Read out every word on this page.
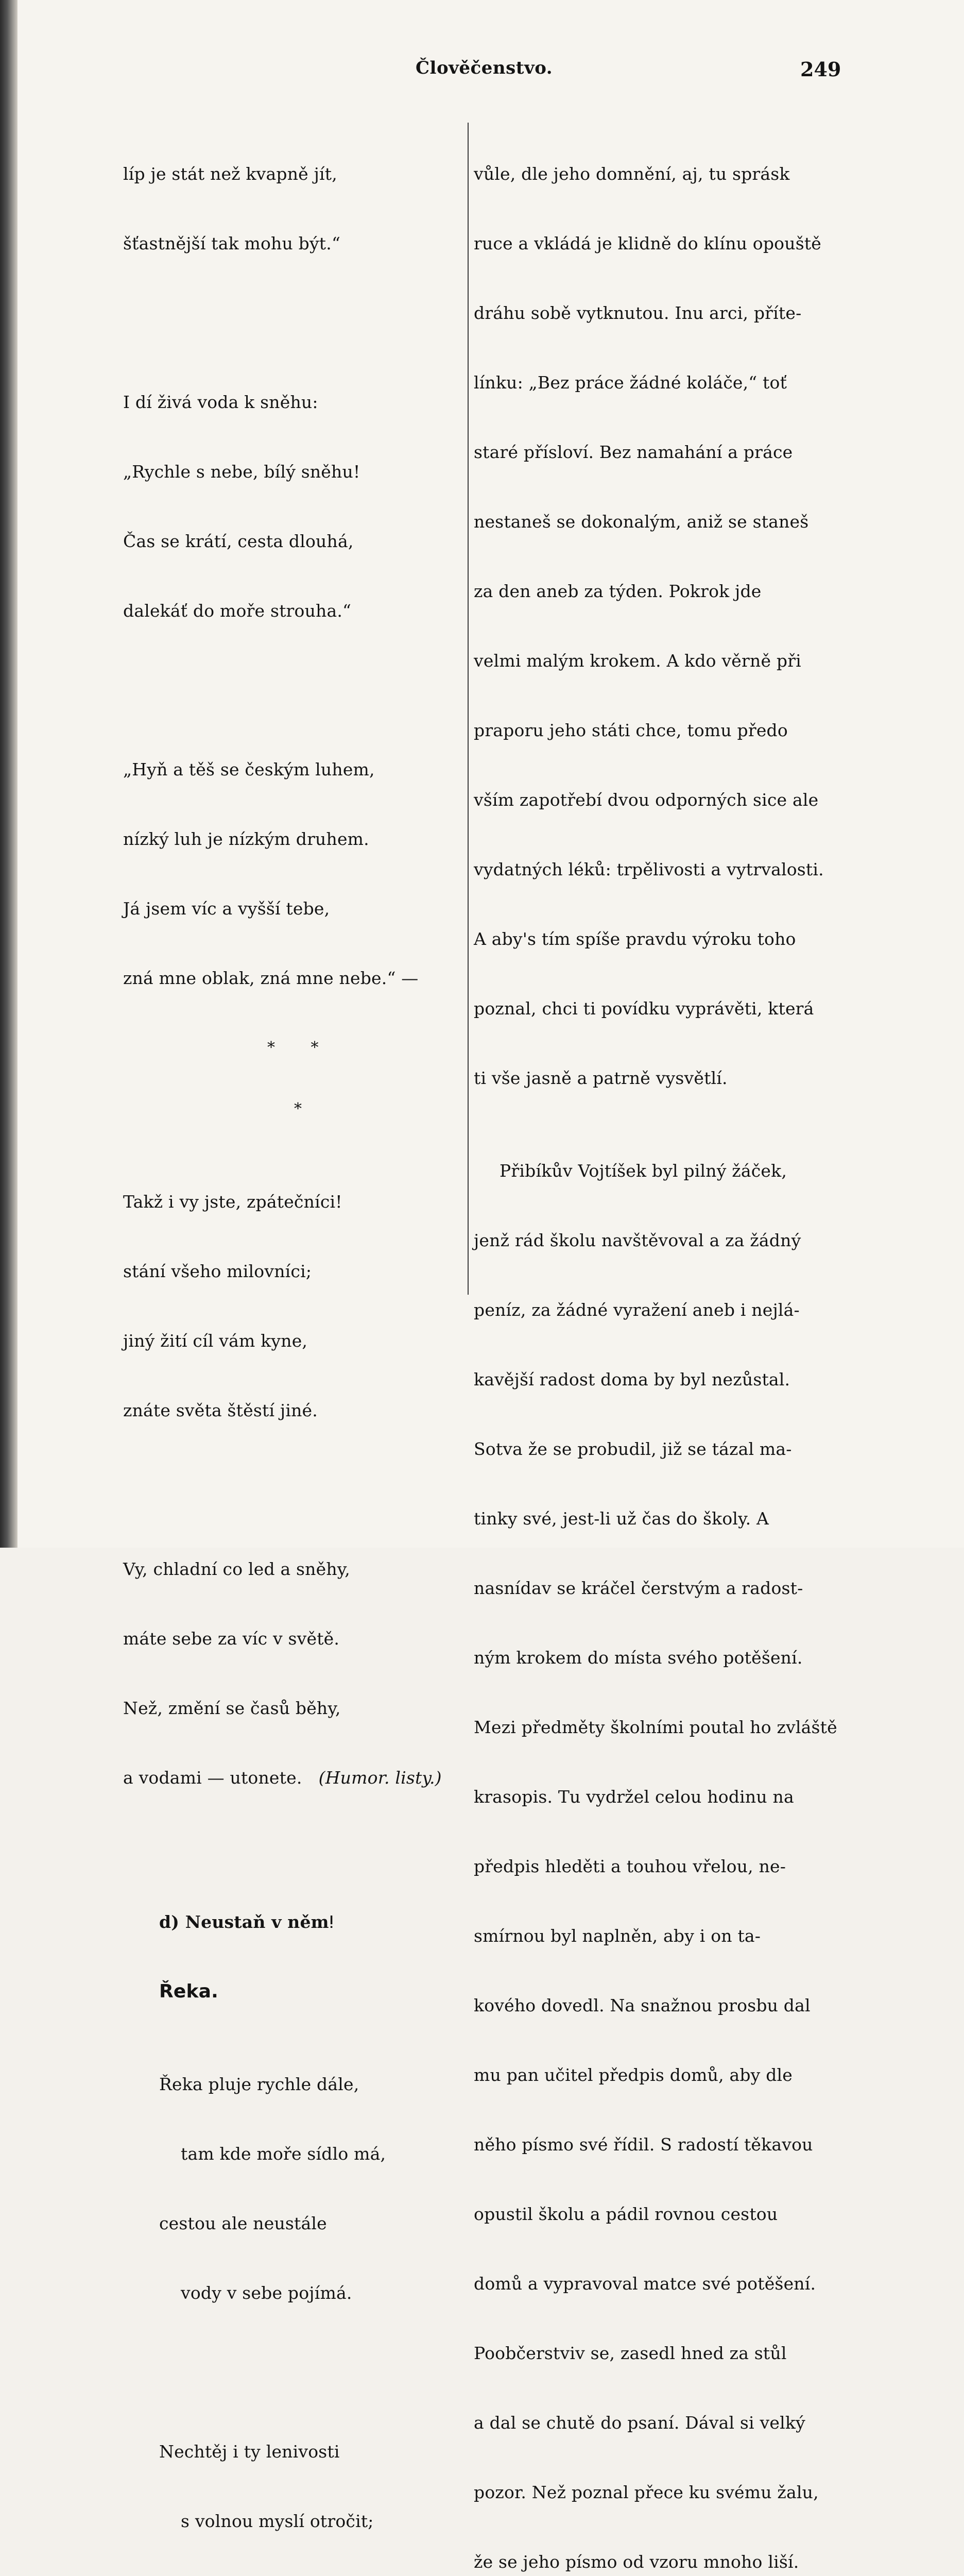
Člověčenstvo.	249

líp je stát než kvapně jít,

šťastnější tak mohu být.“

I dí živá voda k sněhu:

„Rychle s nebe, bílý sněhu!

Čas se krátí, cesta dlouhá,

dalekáť do moře strouha.“

„Hyň a těš se českým luhem,

nízký luh je nízkým druhem.

Já jsem víc a vyšší tebe,

zná mne oblak, zná mne nebe.“ —

* *

*

Takž i vy jste, zpátečníci!

stání všeho milovníci;

jiný žití cíl vám kyne,

znáte světa štěstí jiné.

Vy, chladní co led a sněhy,

máte sebe za víc v světě.

Než, změní se časů běhy,

a vodami — utonete. (Humor. listy.)

d) Neustaň v němǃ

Řeka.

Řeka pluje rychle dále,

tam kde moře sídlo má,

cestou ale neustále

vody v sebe pojímá.

Nechtěj i ty lenivosti

s volnou myslí otročit;

vůle, dle jeho domnění, aj, tu sprásk

ruce a vkládá je klidně do klínu opouště

dráhu sobě vytknutou. Inu arci, příte-

línku: „Bez práce žádné koláče,“ toť

staré přísloví. Bez namahání a práce

nestaneš se dokonalým, aniž se staneš

za den aneb za týden. Pokrok jde

velmi malým krokem. A kdo věrně při

praporu jeho státi chce, tomu předo

vším zapotřebí dvou odporných sice ale

vydatných léků: trpělivosti a vytrvalosti.

A aby's tím spíše pravdu výroku toho

poznal, chci ti povídku vyprávěti, která

ti vše jasně a patrně vysvětlí.

Přibíkův Vojtíšek byl pilný žáček,

jenž rád školu navštěvoval a za žádný

peníz, za žádné vyražení aneb i nejlá-

kavější radost doma by byl nezůstal.

Sotva že se probudil, již se tázal ma-

tinky své, jest-li už čas do školy. A

nasnídav se kráčel čerstvým a radost-

ným krokem do místa svého potěšení.

Mezi předměty školními poutal ho zvláště

krasopis. Tu vydržel celou hodinu na

předpis hleděti a touhou vřelou, ne-

smírnou byl naplněn, aby i on ta-

kového dovedl. Na snažnou prosbu dal

mu pan učitel předpis domů, aby dle

něho písmo své řídil. S radostí těkavou

opustil školu a pádil rovnou cestou

domů a vypravoval matce své potěšení.

Poobčerstviv se, zasedl hned za stůl

a dal se chutě do psaní. Dával si velký

pozor. Než poznal přece ku svému žalu,

že se jeho písmo od vzoru mnoho liší.
